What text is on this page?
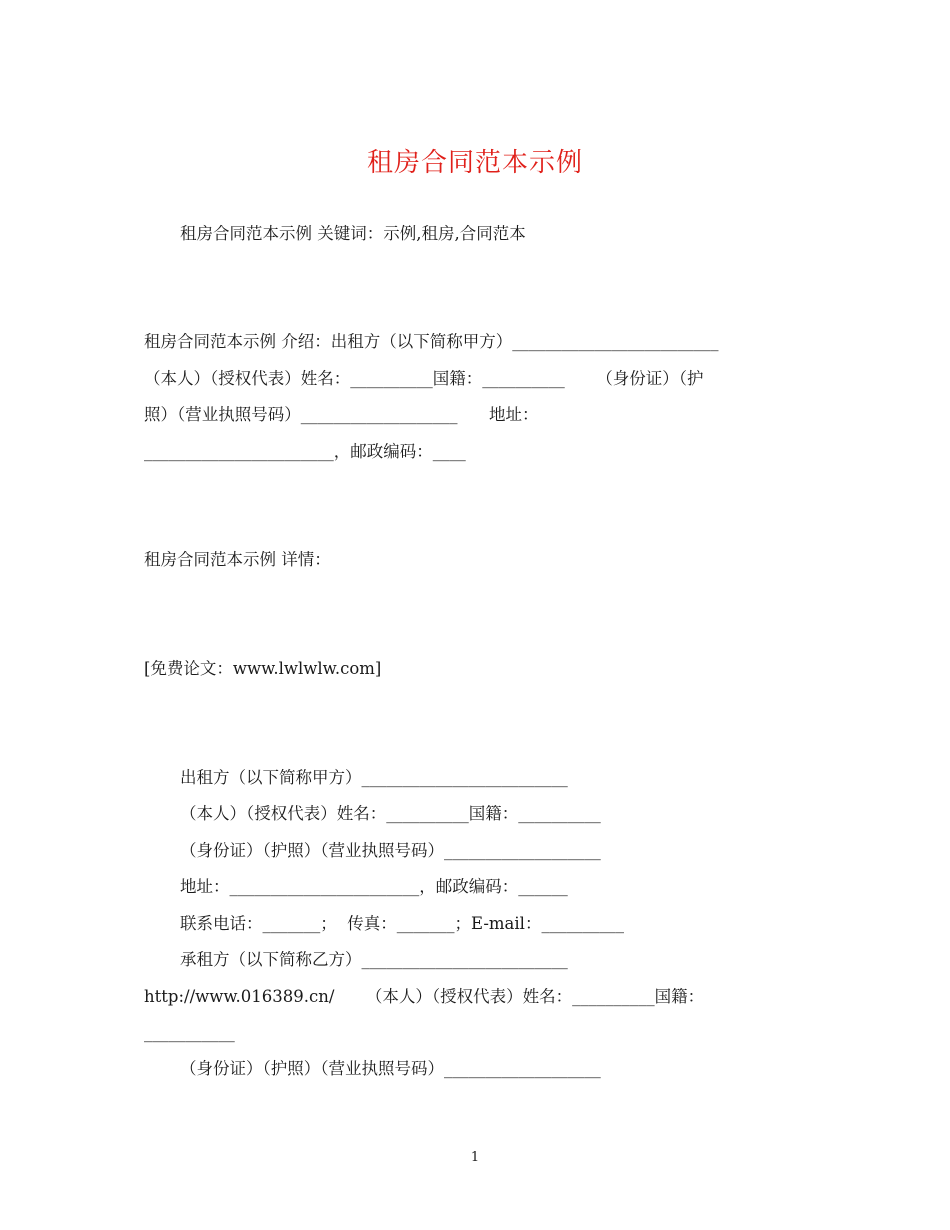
租房合同范本示例
租房合同范本示例 关键词：示例,租房,合同范本
租房合同范本示例 介绍：出租方（以下简称甲方）_________________________
（本人）（授权代表）姓名：__________国籍：__________      （身份证）（护
照）（营业执照号码）___________________      地址：
_______________________，邮政编码：____
租房合同范本示例 详情：
[免费论文：www.lwlwlw.com]
出租方（以下简称甲方）_________________________
（本人）（授权代表）姓名：__________国籍：__________
（身份证）（护照）（营业执照号码）___________________
地址：_______________________，邮政编码：______
联系电话：_______；  传真：_______；E-mail：__________
承租方（以下简称乙方）_________________________
http://www.016389.cn/      （本人）（授权代表）姓名：__________国籍：
___________
（身份证）（护照）（营业执照号码）___________________
1
